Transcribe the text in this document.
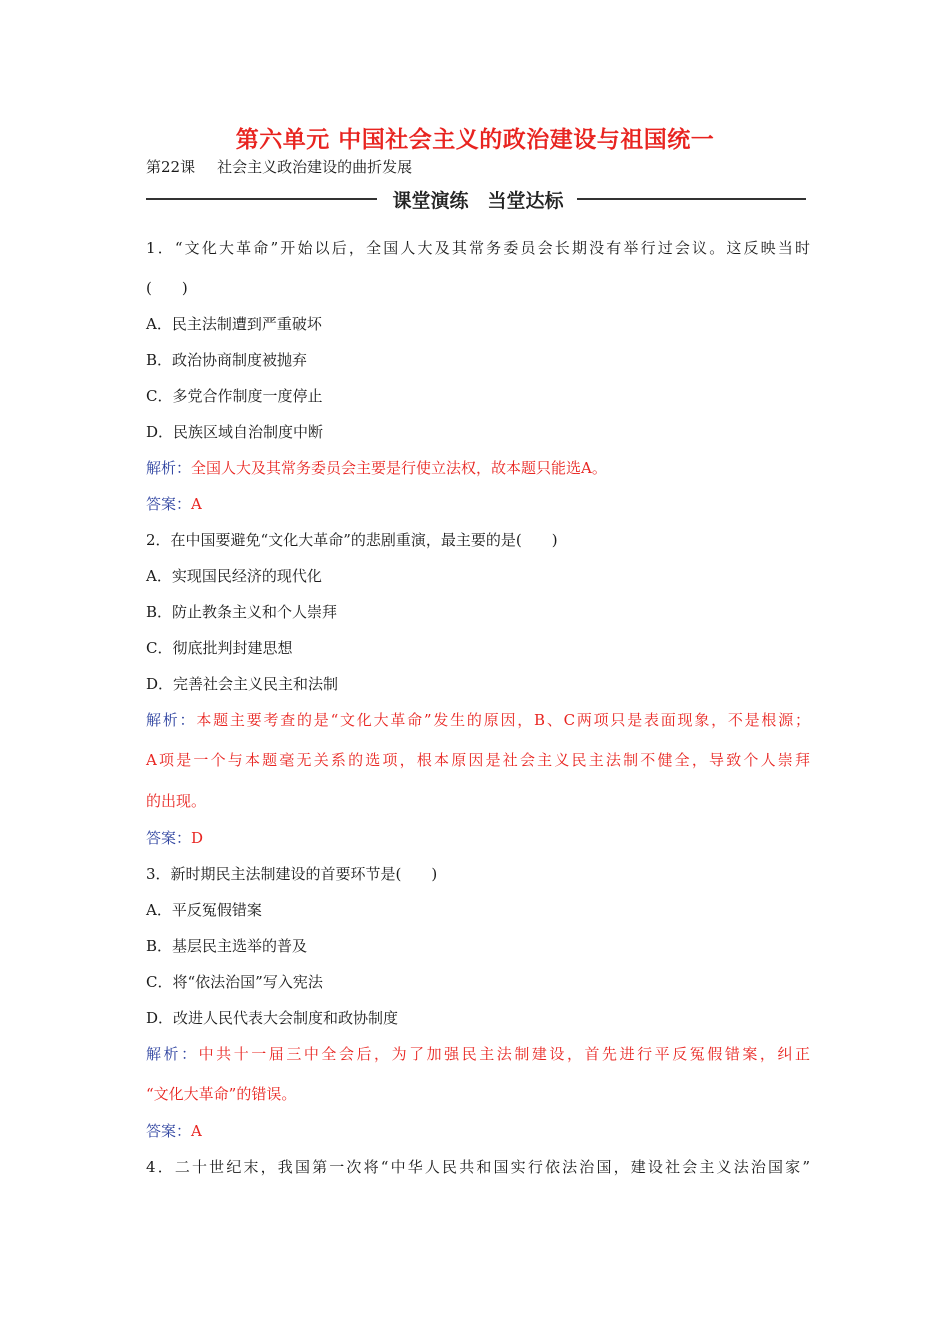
第六单元 中国社会主义的政治建设与祖国统一
第22课 社会主义政治建设的曲折发展
课堂演练　当堂达标
1．“文化大革命”开始以后，全国人大及其常务委员会长期没有举行过会议。这反映当时
(　　)
A．民主法制遭到严重破坏
B．政治协商制度被抛弃
C．多党合作制度一度停止
D．民族区域自治制度中断
解析：全国人大及其常务委员会主要是行使立法权，故本题只能选A。
答案：A
2．在中国要避免“文化大革命”的悲剧重演，最主要的是(　　)
A．实现国民经济的现代化
B．防止教条主义和个人崇拜
C．彻底批判封建思想
D．完善社会主义民主和法制
解析：本题主要考查的是“文化大革命”发生的原因，B、C两项只是表面现象，不是根源；
A项是一个与本题毫无关系的选项，根本原因是社会主义民主法制不健全，导致个人崇拜
的出现。
答案：D
3．新时期民主法制建设的首要环节是(　　)
A．平反冤假错案
B．基层民主选举的普及
C．将“依法治国”写入宪法
D．改进人民代表大会制度和政协制度
解析：中共十一届三中全会后，为了加强民主法制建设，首先进行平反冤假错案，纠正
“文化大革命”的错误。
答案：A
4．二十世纪末，我国第一次将“中华人民共和国实行依法治国，建设社会主义法治国家”
